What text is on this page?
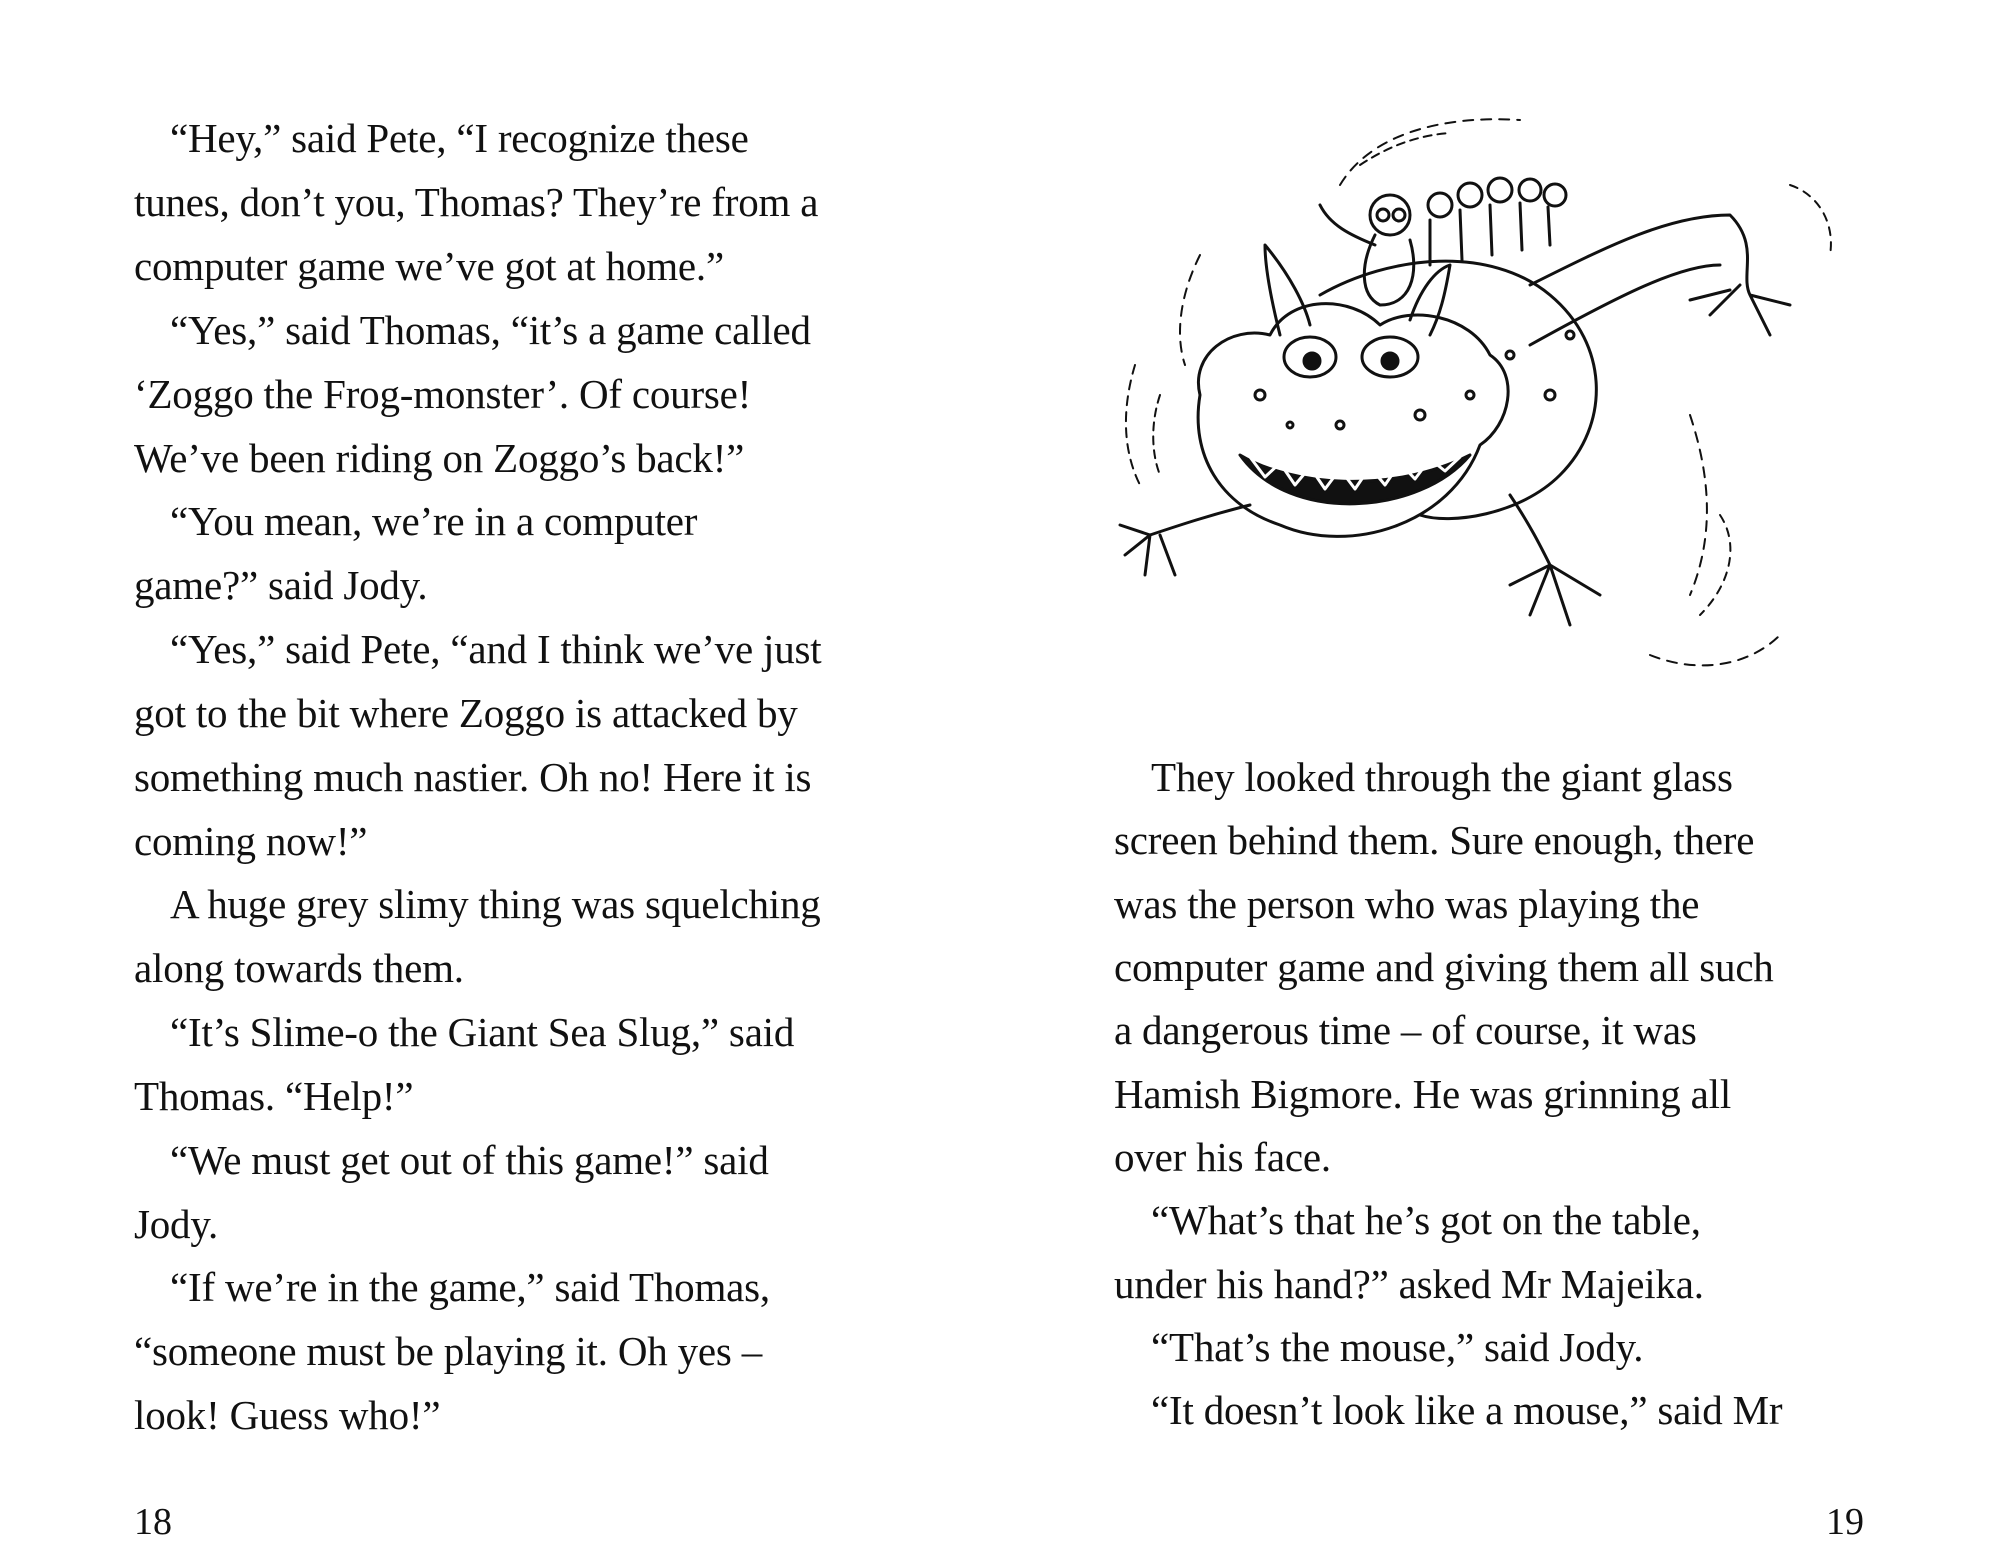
“Hey,” said Pete, “I recognize these
tunes, don’t you, Thomas? They’re from a
computer game we’ve got at home.”
“Yes,” said Thomas, “it’s a game called
‘Zoggo the Frog-monster’. Of course!
We’ve been riding on Zoggo’s back!”
“You mean, we’re in a computer
game?” said Jody.
“Yes,” said Pete, “and I think we’ve just
got to the bit where Zoggo is attacked by
something much nastier. Oh no! Here it is
coming now!”
A huge grey slimy thing was squelching
along towards them.
“It’s Slime-o the Giant Sea Slug,” said
Thomas. “Help!”
“We must get out of this game!” said
Jody.
“If we’re in the game,” said Thomas,
“someone must be playing it. Oh yes –
look! Guess who!”
18
They looked through the giant glass
screen behind them. Sure enough, there
was the person who was playing the
computer game and giving them all such
a dangerous time – of course, it was
Hamish Bigmore. He was grinning all
over his face.
“What’s that he’s got on the table,
under his hand?” asked Mr Majeika.
“That’s the mouse,” said Jody.
“It doesn’t look like a mouse,” said Mr
19
